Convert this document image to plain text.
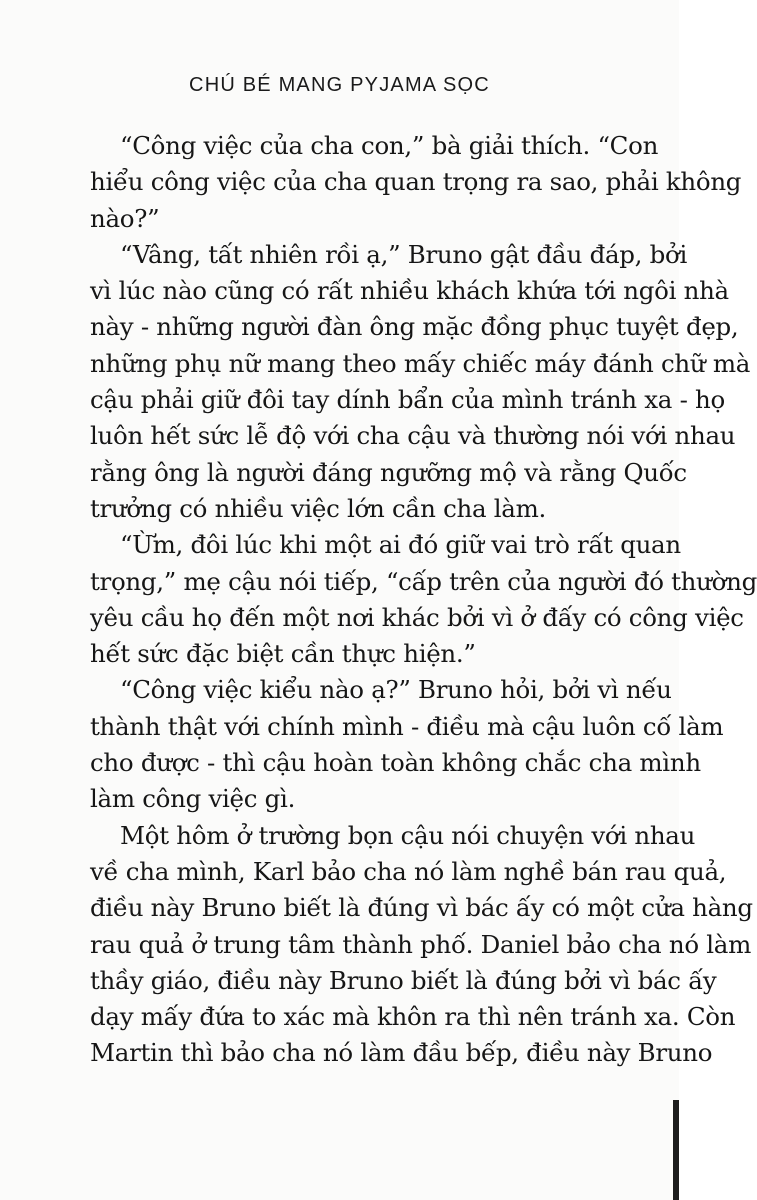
CHÚ BÉ MANG PYJAMA SỌC
“Công việc của cha con,” bà giải thích. “Con
hiểu công việc của cha quan trọng ra sao, phải không
nào?”
“Vâng, tất nhiên rồi ạ,” Bruno gật đầu đáp, bởi
vì lúc nào cũng có rất nhiều khách khứa tới ngôi nhà
này - những người đàn ông mặc đồng phục tuyệt đẹp,
những phụ nữ mang theo mấy chiếc máy đánh chữ mà
cậu phải giữ đôi tay dính bẩn của mình tránh xa - họ
luôn hết sức lễ độ với cha cậu và thường nói với nhau
rằng ông là người đáng ngưỡng mộ và rằng Quốc
trưởng có nhiều việc lớn cần cha làm.
“Ừm, đôi lúc khi một ai đó giữ vai trò rất quan
trọng,” mẹ cậu nói tiếp, “cấp trên của người đó thường
yêu cầu họ đến một nơi khác bởi vì ở đấy có công việc
hết sức đặc biệt cần thực hiện.”
“Công việc kiểu nào ạ?” Bruno hỏi, bởi vì nếu
thành thật với chính mình - điều mà cậu luôn cố làm
cho được - thì cậu hoàn toàn không chắc cha mình
làm công việc gì.
Một hôm ở trường bọn cậu nói chuyện với nhau
về cha mình, Karl bảo cha nó làm nghề bán rau quả,
điều này Bruno biết là đúng vì bác ấy có một cửa hàng
rau quả ở trung tâm thành phố. Daniel bảo cha nó làm
thầy giáo, điều này Bruno biết là đúng bởi vì bác ấy
dạy mấy đứa to xác mà khôn ra thì nên tránh xa. Còn
Martin thì bảo cha nó làm đầu bếp, điều này Bruno
